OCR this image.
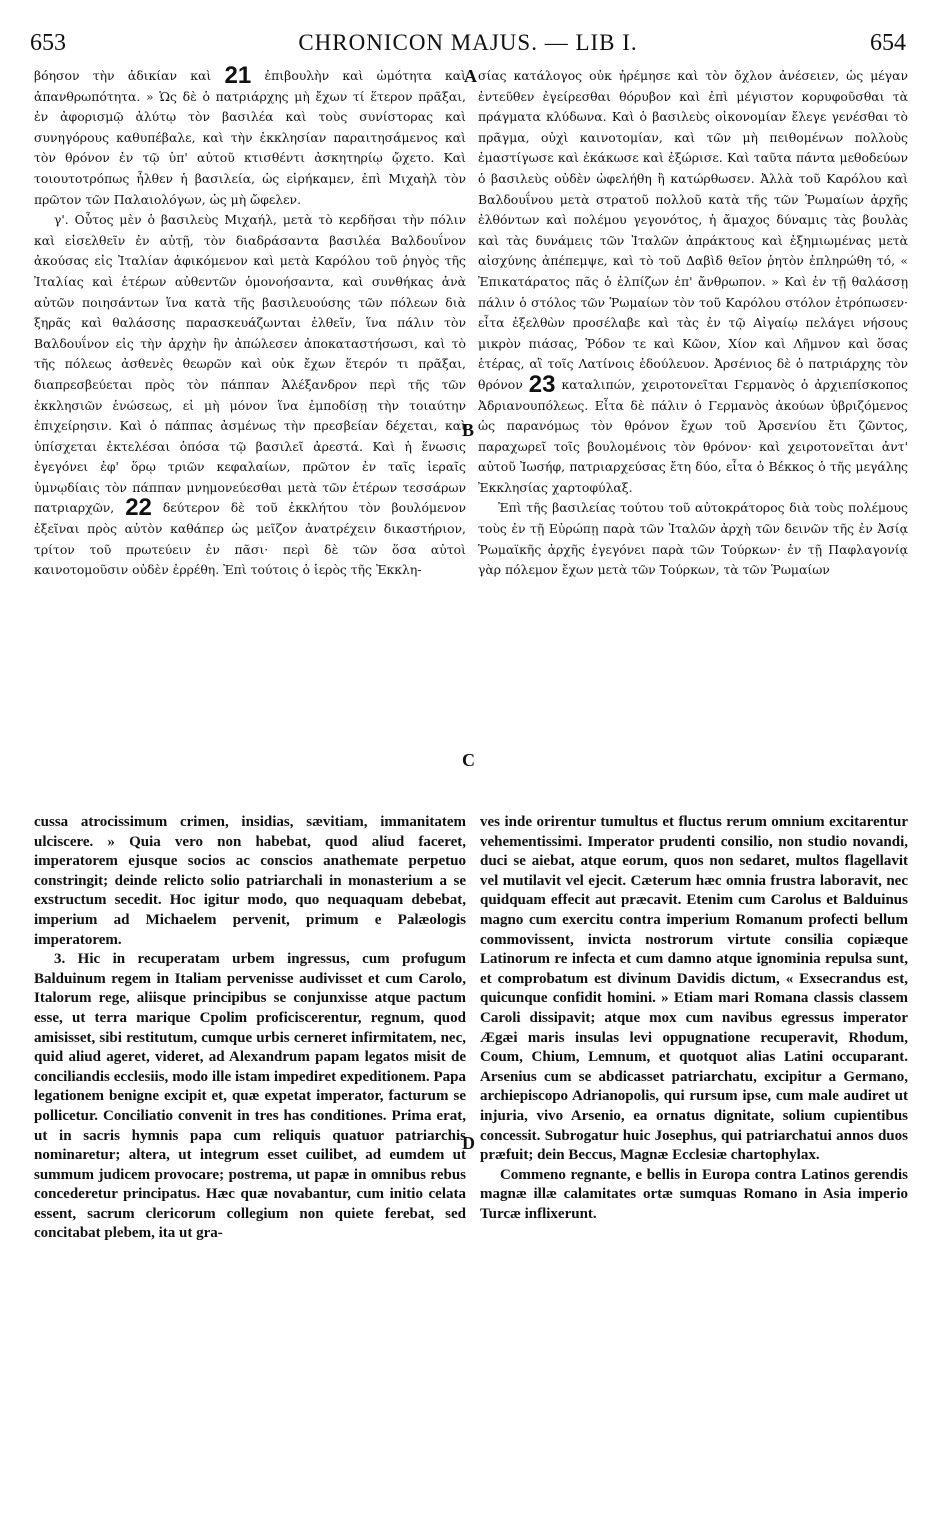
653	CHRONICON MAJUS. — LIB I.	654
A
B
C
D

βόησον τὴν ἀδικίαν καὶ 21 ἐπιβουλὴν καὶ ὠμότητα καὶ ἀπανθρωπότητα. » Ὡς δὲ ὁ πατριάρχης μὴ ἔχων τί ἕτερον πρᾶξαι, ἐν ἀφορισμῷ ἀλύτῳ τὸν βασιλέα καὶ τοὺς συνίστορας καὶ συνηγόρους καθυπέβαλε, καὶ τὴν ἐκκλησίαν παραιτησάμενος καὶ τὸν θρόνον ἐν τῷ ὑπ' αὐτοῦ κτισθέντι ἀσκητηρίῳ ᾤχετο. Καὶ τοιουτοτρόπως ἦλθεν ἡ βασιλεία, ὡς εἰρήκαμεν, ἐπὶ Μιχαὴλ τὸν πρῶτον τῶν Παλαιολόγων, ὡς μὴ ὤφελεν.

γ'. Οὗτος μὲν ὁ βασιλεὺς Μιχαήλ, μετὰ τὸ κερδῆσαι τὴν πόλιν καὶ εἰσελθεῖν ἐν αὐτῇ, τὸν διαδράσαντα βασιλέα Βαλδουΐνον ἀκούσας εἰς Ἰταλίαν ἀφικόμενον καὶ μετὰ Καρόλου τοῦ ῥηγὸς τῆς Ἰταλίας καὶ ἑτέρων αὐθεντῶν ὁμονοήσαντα, καὶ συνθήκας ἀνὰ αὐτῶν ποιησάντων ἵνα κατὰ τῆς βασιλευούσης τῶν πόλεων διὰ ξηρᾶς καὶ θαλάσσης παρασκευάζωνται ἐλθεῖν, ἵνα πάλιν τὸν Βαλδουΐνον εἰς τὴν ἀρχὴν ἣν ἀπώλεσεν ἀποκαταστήσωσι, καὶ τὸ τῆς πόλεως ἀσθενὲς θεωρῶν καὶ οὐκ ἔχων ἕτερόν τι πρᾶξαι, διαπρεσβεύεται πρὸς τὸν πάππαν Ἀλέξανδρον περὶ τῆς τῶν ἐκκλησιῶν ἑνώσεως, εἰ μὴ μόνον ἵνα ἐμποδίσῃ τὴν τοιαύτην ἐπιχείρησιν. Καὶ ὁ πάππας ἀσμένως τὴν πρεσβείαν δέχεται, καὶ ὑπίσχεται ἐκτελέσαι ὁπόσα τῷ βασιλεῖ ἀρεστά. Καὶ ἡ ἕνωσις ἐγεγόνει ἐφ' ὅρῳ τριῶν κεφαλαίων, πρῶτον ἐν ταῖς ἱεραῖς ὑμνῳδίαις τὸν πάππαν μνημονεύεσθαι μετὰ τῶν ἑτέρων τεσσάρων πατριαρχῶν, 22 δεύτερον δὲ τοῦ ἐκκλήτου τὸν βουλόμενον ἐξεῖναι πρὸς αὐτὸν καθάπερ ὡς μεῖζον ἀνατρέχειν δικαστήριον, τρίτον τοῦ πρωτεύειν ἐν πᾶσι· περὶ δὲ τῶν ὅσα αὐτοὶ καινοτομοῦσιν οὐδὲν ἐρρέθη. Ἐπὶ τούτοις ὁ ἱερὸς τῆς Ἐκκλη-

σίας κατάλογος οὐκ ἠρέμησε καὶ τὸν ὄχλον ἀνέσειεν, ὡς μέγαν ἐντεῦθεν ἐγείρεσθαι θόρυβον καὶ ἐπὶ μέγιστον κορυφοῦσθαι τὰ πράγματα κλύδωνα. Καὶ ὁ βασιλεὺς οἰκονομίαν ἔλεγε γενέσθαι τὸ πρᾶγμα, οὐχὶ καινοτομίαν, καὶ τῶν μὴ πειθομένων πολλοὺς ἐμαστίγωσε καὶ ἐκάκωσε καὶ ἐξώρισε. Καὶ ταῦτα πάντα μεθοδεύων ὁ βασιλεὺς οὐδὲν ὠφελήθη ἢ κατώρθωσεν. Ἀλλὰ τοῦ Καρόλου καὶ Βαλδουΐνου μετὰ στρατοῦ πολλοῦ κατὰ τῆς τῶν Ῥωμαίων ἀρχῆς ἐλθόντων καὶ πολέμου γεγονότος, ἡ ἄμαχος δύναμις τὰς βουλὰς καὶ τὰς δυνάμεις τῶν Ἰταλῶν ἀπράκτους καὶ ἐξημιωμένας μετὰ αἰσχύνης ἀπέπεμψε, καὶ τὸ τοῦ Δαβὶδ θεῖον ῥητὸν ἐπληρώθη τό, « Ἐπικατάρατος πᾶς ὁ ἐλπίζων ἐπ' ἄνθρωπον. » Καὶ ἐν τῇ θαλάσσῃ πάλιν ὁ στόλος τῶν Ῥωμαίων τὸν τοῦ Καρόλου στόλον ἐτρόπωσεν· εἶτα ἐξελθὼν προσέλαβε καὶ τὰς ἐν τῷ Αἰγαίῳ πελάγει νήσους μικρὸν πιάσας, Ῥόδον τε καὶ Κῶον, Χίον καὶ Λῆμνον καὶ ὅσας ἑτέρας, αἳ τοῖς Λατίνοις ἐδούλευον. Ἀρσένιος δὲ ὁ πατριάρχης τὸν θρόνον 23 καταλιπών, χειροτονεῖται Γερμανὸς ὁ ἀρχιεπίσκοπος Ἀδριανουπόλεως. Εἶτα δὲ πάλιν ὁ Γερμανὸς ἀκούων ὑβριζόμενος ὡς παρανόμως τὸν θρόνον ἔχων τοῦ Ἀρσενίου ἔτι ζῶντος, παραχωρεῖ τοῖς βουλομένοις τὸν θρόνον· καὶ χειροτονεῖται ἀντ' αὐτοῦ Ἰωσήφ, πατριαρχεύσας ἔτη δύο, εἶτα ὁ Βέκκος ὁ τῆς μεγάλης Ἐκκλησίας χαρτοφύλαξ.

Ἐπὶ τῆς βασιλείας τούτου τοῦ αὐτοκράτορος διὰ τοὺς πολέμους τοὺς ἐν τῇ Εὐρώπῃ παρὰ τῶν Ἰταλῶν ἀρχὴ τῶν δεινῶν τῆς ἐν Ἀσίᾳ Ῥωμαϊκῆς ἀρχῆς ἐγεγόνει παρὰ τῶν Τούρκων· ἐν τῇ Παφλαγονίᾳ γὰρ πόλεμον ἔχων μετὰ τῶν Τούρκων, τὰ τῶν Ῥωμαίων

cussa atrocissimum crimen, insidias, sævitiam, immanitatem ulciscere. » Quia vero non habebat, quod aliud faceret, imperatorem ejusque socios ac conscios anathemate perpetuo constringit; deinde relicto solio patriarchali in monasterium a se exstructum secedit. Hoc igitur modo, quo nequaquam debebat, imperium ad Michaelem pervenit, primum e Palæologis imperatorem.

3. Hic in recuperatam urbem ingressus, cum profugum Balduinum regem in Italiam pervenisse audivisset et cum Carolo, Italorum rege, aliisque principibus se conjunxisse atque pactum esse, ut terra marique Cpolim proficiscerentur, regnum, quod amisisset, sibi restitutum, cumque urbis cerneret infirmitatem, nec, quid aliud ageret, videret, ad Alexandrum papam legatos misit de conciliandis ecclesiis, modo ille istam impediret expeditionem. Papa legationem benigne excipit et, quæ expetat imperator, facturum se pollicetur. Conciliatio convenit in tres has conditiones. Prima erat, ut in sacris hymnis papa cum reliquis quatuor patriarchis nominaretur; altera, ut integrum esset cuilibet, ad eumdem ut summum judicem provocare; postrema, ut papæ in omnibus rebus concederetur principatus. Hæc quæ novabantur, cum initio celata essent, sacrum clericorum collegium non quiete ferebat, sed concitabat plebem, ita ut gra-

ves inde orirentur tumultus et fluctus rerum omnium excitarentur vehementissimi. Imperator prudenti consilio, non studio novandi, duci se aiebat, atque eorum, quos non sedaret, multos flagellavit vel mutilavit vel ejecit. Cæterum hæc omnia frustra laboravit, nec quidquam effecit aut præcavit. Etenim cum Carolus et Balduinus magno cum exercitu contra imperium Romanum profecti bellum commovissent, invicta nostrorum virtute consilia copiæque Latinorum re infecta et cum damno atque ignominia repulsa sunt, et comprobatum est divinum Davidis dictum, « Exsecrandus est, quicunque confidit homini. » Etiam mari Romana classis classem Caroli dissipavit; atque mox cum navibus egressus imperator Ægæi maris insulas levi oppugnatione recuperavit, Rhodum, Coum, Chium, Lemnum, et quotquot alias Latini occuparant. Arsenius cum se abdicasset patriarchatu, excipitur a Germano, archiepiscopo Adrianopolis, qui rursum ipse, cum male audiret ut injuria, vivo Arsenio, ea ornatus dignitate, solium cupientibus concessit. Subrogatur huic Josephus, qui patriarchatui annos duos præfuit; dein Beccus, Magnæ Ecclesiæ chartophylax.

Commeno regnante, e bellis in Europa contra Latinos gerendis magnæ illæ calamitates ortæ sumquas Romano in Asia imperio Turcæ inflixerunt.
